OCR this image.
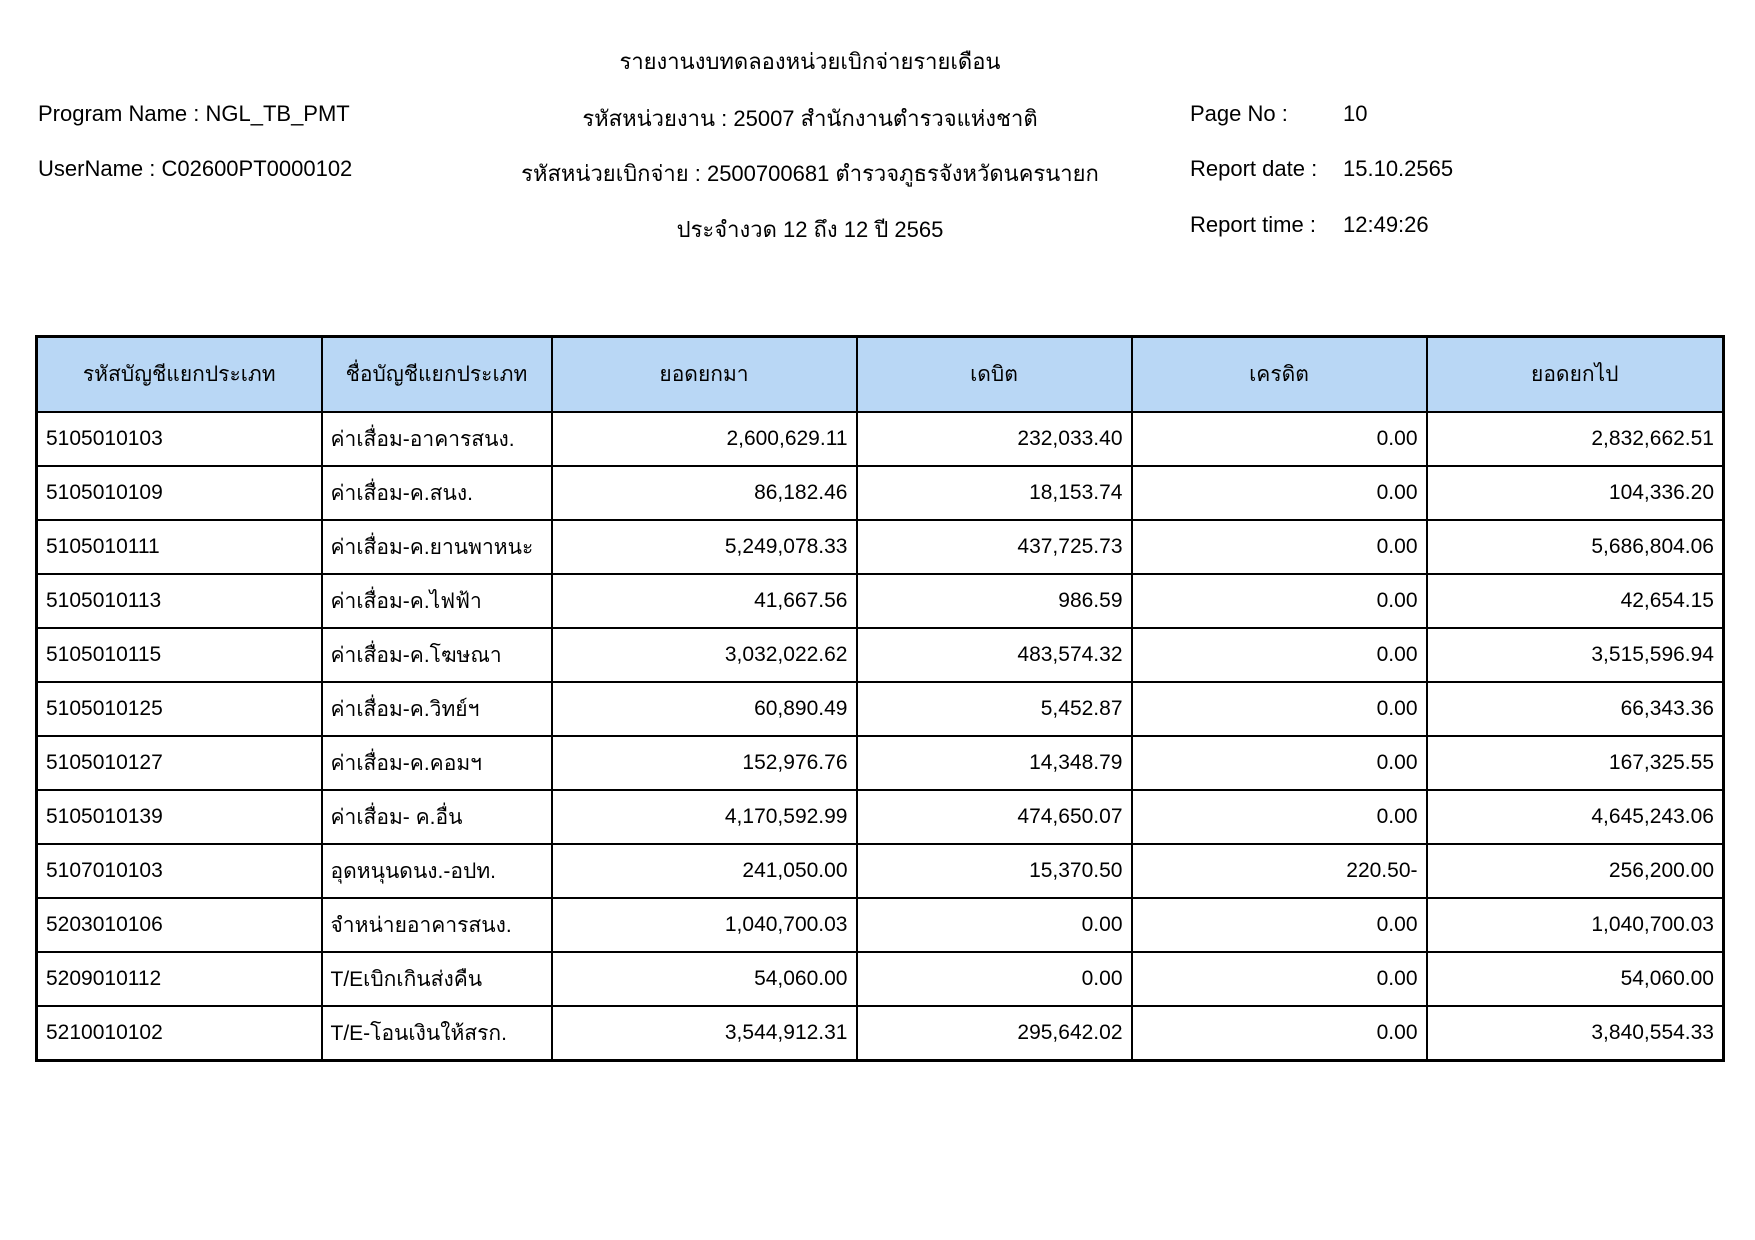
รายงานงบทดลองหน่วยเบิกจ่ายรายเดือน
Program Name : NGL_TB_PMT
UserName : C02600PT0000102
รหัสหน่วยงาน : 25007 สำนักงานตำรวจแห่งชาติ
รหัสหน่วยเบิกจ่าย : 2500700681 ตำรวจภูธรจังหวัดนครนายก
ประจำงวด 12 ถึง 12 ปี 2565
Page No :	10
Report date : 15.10.2565
Report time : 12:49:26
รหัสบัญชีแยกประเภท	ชื่อบัญชีแยกประเภท	ยอดยกมา	เดบิต	เครดิต	ยอดยกไป
5105010103	ค่าเสื่อม-อาคารสนง.	2,600,629.11	232,033.40	0.00	2,832,662.51
5105010109	ค่าเสื่อม-ค.สนง.	86,182.46	18,153.74	0.00	104,336.20
5105010111	ค่าเสื่อม-ค.ยานพาหนะ	5,249,078.33	437,725.73	0.00	5,686,804.06
5105010113	ค่าเสื่อม-ค.ไฟฟ้า	41,667.56	986.59	0.00	42,654.15
5105010115	ค่าเสื่อม-ค.โฆษณา	3,032,022.62	483,574.32	0.00	3,515,596.94
5105010125	ค่าเสื่อม-ค.วิทย์ฯ	60,890.49	5,452.87	0.00	66,343.36
5105010127	ค่าเสื่อม-ค.คอมฯ	152,976.76	14,348.79	0.00	167,325.55
5105010139	ค่าเสื่อม- ค.อื่น	4,170,592.99	474,650.07	0.00	4,645,243.06
5107010103	อุดหนุนดนง.-อปท.	241,050.00	15,370.50	220.50-	256,200.00
5203010106	จำหน่ายอาคารสนง.	1,040,700.03	0.00	0.00	1,040,700.03
5209010112	T/Eเบิกเกินส่งคืน	54,060.00	0.00	0.00	54,060.00
5210010102	T/E-โอนเงินให้สรก.	3,544,912.31	295,642.02	0.00	3,840,554.33
